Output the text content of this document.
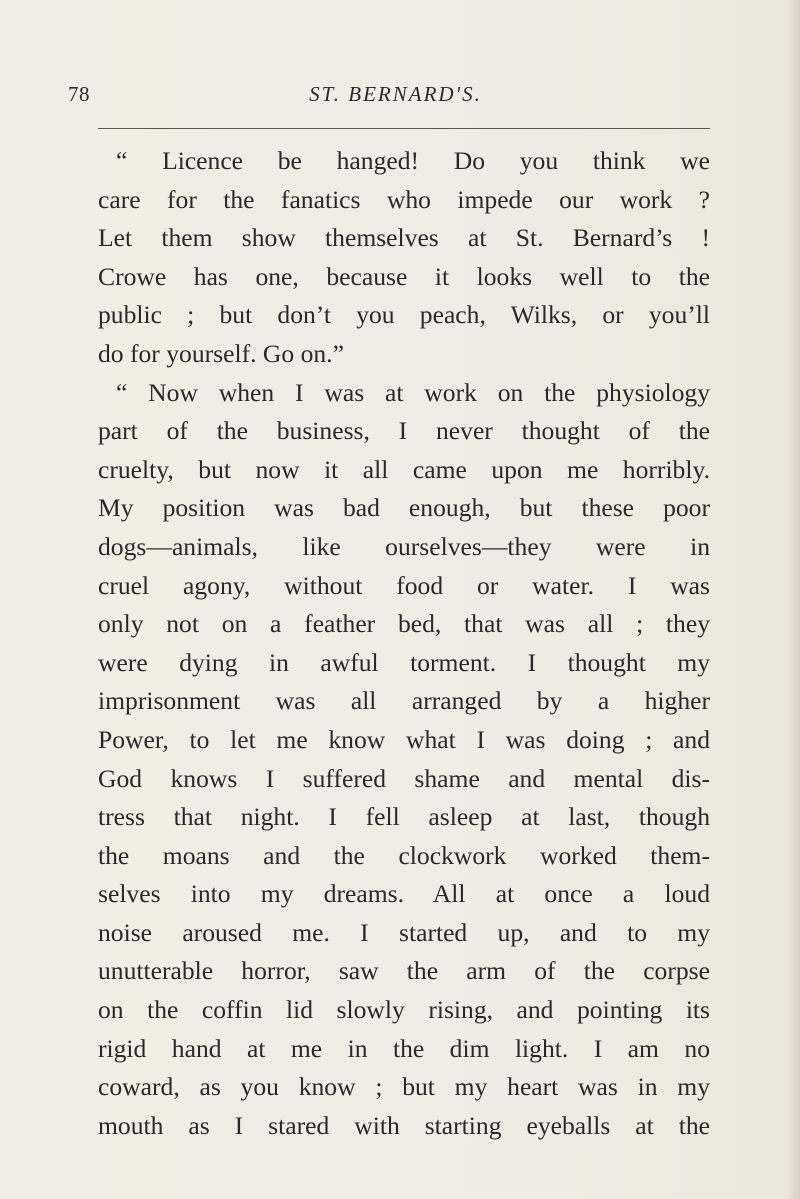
78	ST. BERNARD'S.
“ Licence be hanged! Do you think we
care for the fanatics who impede our work ?
Let them show themselves at St. Bernard’s !
Crowe has one, because it looks well to the
public ; but don’t you peach, Wilks, or you’ll
do for yourself. Go on.”
“ Now when I was at work on the physiology
part of the business, I never thought of the
cruelty, but now it all came upon me horribly.
My position was bad enough, but these poor
dogs—animals, like ourselves—they were in
cruel agony, without food or water. I was
only not on a feather bed, that was all ; they
were dying in awful torment. I thought my
imprisonment was all arranged by a higher
Power, to let me know what I was doing ; and
God knows I suffered shame and mental dis-
tress that night. I fell asleep at last, though
the moans and the clockwork worked them-
selves into my dreams. All at once a loud
noise aroused me. I started up, and to my
unutterable horror, saw the arm of the corpse
on the coffin lid slowly rising, and pointing its
rigid hand at me in the dim light. I am no
coward, as you know ; but my heart was in my
mouth as I stared with starting eyeballs at the
